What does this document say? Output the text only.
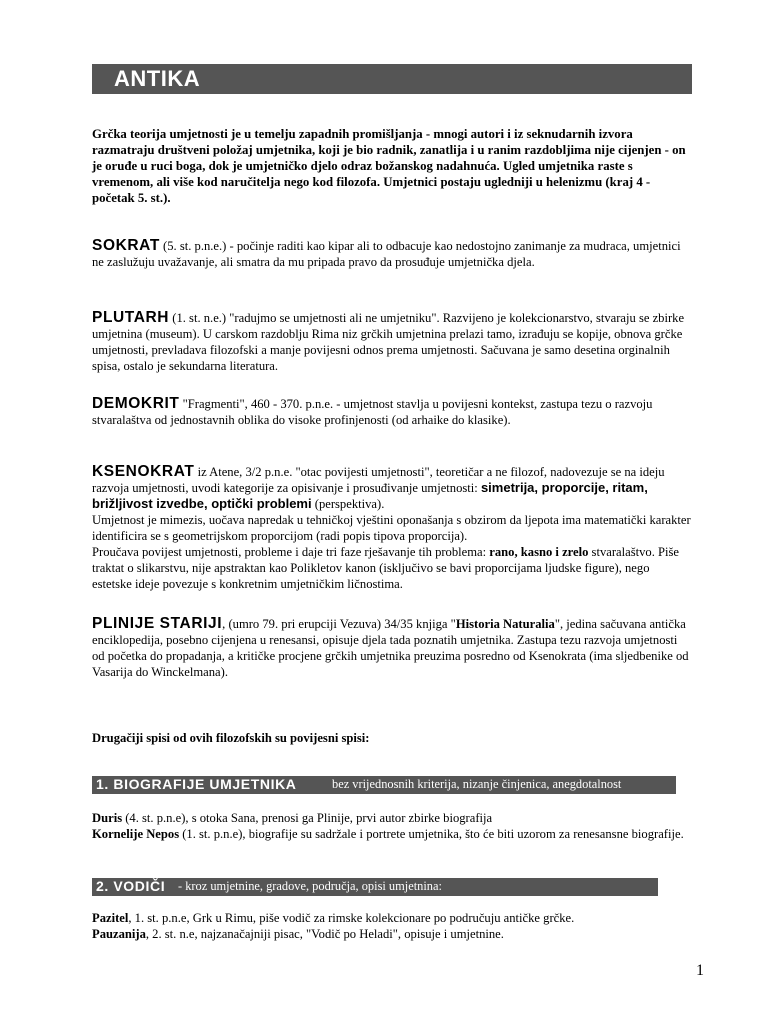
ANTIKA

Grčka teorija umjetnosti je u temelju zapadnih promišljanja - mnogi autori i iz seknudarnih izvora razmatraju društveni položaj umjetnika, koji je bio radnik, zanatlija i u ranim razdobljima nije cijenjen - on je oruđe u ruci boga, dok je umjetničko djelo odraz božanskog nadahnuća. Ugled umjetnika raste s vremenom, ali više kod naručitelja nego kod filozofa. Umjetnici postaju ugledniji u helenizmu (kraj 4 - početak 5. st.).

SOKRAT (5. st. p.n.e.) - počinje raditi kao kipar ali to odbacuje kao nedostojno zanimanje za mudraca, umjetnici ne zaslužuju uvažavanje, ali smatra da mu pripada pravo da prosuđuje umjetnička djela.

PLUTARH (1. st. n.e.) "radujmo se umjetnosti ali ne umjetniku". Razvijeno je kolekcionarstvo, stvaraju se zbirke umjetnina (museum). U carskom razdoblju Rima niz grčkih umjetnina prelazi tamo, izrađuju se kopije, obnova grčke umjetnosti, prevladava filozofski a manje povijesni odnos prema umjetnosti. Sačuvana je samo desetina orginalnih spisa, ostalo je sekundarna literatura.

DEMOKRIT "Fragmenti", 460 - 370. p.n.e. - umjetnost stavlja u povijesni kontekst, zastupa tezu o razvoju stvaralaštva od jednostavnih oblika do visoke profinjenosti (od arhaike do klasike).

KSENOKRAT iz Atene, 3/2 p.n.e. "otac povijesti umjetnosti", teoretičar a ne filozof, nadovezuje se na ideju razvoja umjetnosti, uvodi kategorije za opisivanje i prosuđivanje umjetnosti: simetrija, proporcije, ritam, brižljivost izvedbe, optički problemi (perspektiva).

Umjetnost je mimezis, uočava napredak u tehničkoj vještini oponašanja s obzirom da ljepota ima matematički karakter identificira se s geometrijskom proporcijom (radi popis tipova proporcija).

Proučava povijest umjetnosti, probleme i daje tri faze rješavanje tih problema: rano, kasno i zrelo stvaralaštvo. Piše traktat o slikarstvu, nije apstraktan kao Polikletov kanon (isključivo se bavi proporcijama ljudske figure), nego estetske ideje povezuje s konkretnim umjetničkim ličnostima.

PLINIJE STARIJI, (umro 79. pri erupciji Vezuva) 34/35 knjiga "Historia Naturalia", jedina sačuvana antička enciklopedija, posebno cijenjena u renesansi, opisuje djela tada poznatih umjetnika. Zastupa tezu razvoja umjetnosti od početka do propadanja, a kritičke procjene grčkih umjetnika preuzima posredno od Ksenokrata (ima sljedbenike od Vasarija do Winckelmana).

Drugačiji spisi od ovih filozofskih su povijesni spisi:

1. BIOGRAFIJE UMJETNIKA	bez vrijednosnih kriterija, nizanje činjenica, anegdotalnost

Duris (4. st. p.n.e), s otoka Sana, prenosi ga Plinije, prvi autor zbirke biografija

Kornelije Nepos (1. st. p.n.e), biografije su sadržale i portrete umjetnika, što će biti uzorom za renesansne biografije.

2. VODIČI	- kroz umjetnine, gradove, područja, opisi umjetnina:

Pazitel, 1. st. p.n.e, Grk u Rimu, piše vodič za rimske kolekcionare po područuju antičke grčke.

Pauzanija, 2. st. n.e, najzanačajniji pisac, "Vodič po Heladi", opisuje i umjetnine.

1
